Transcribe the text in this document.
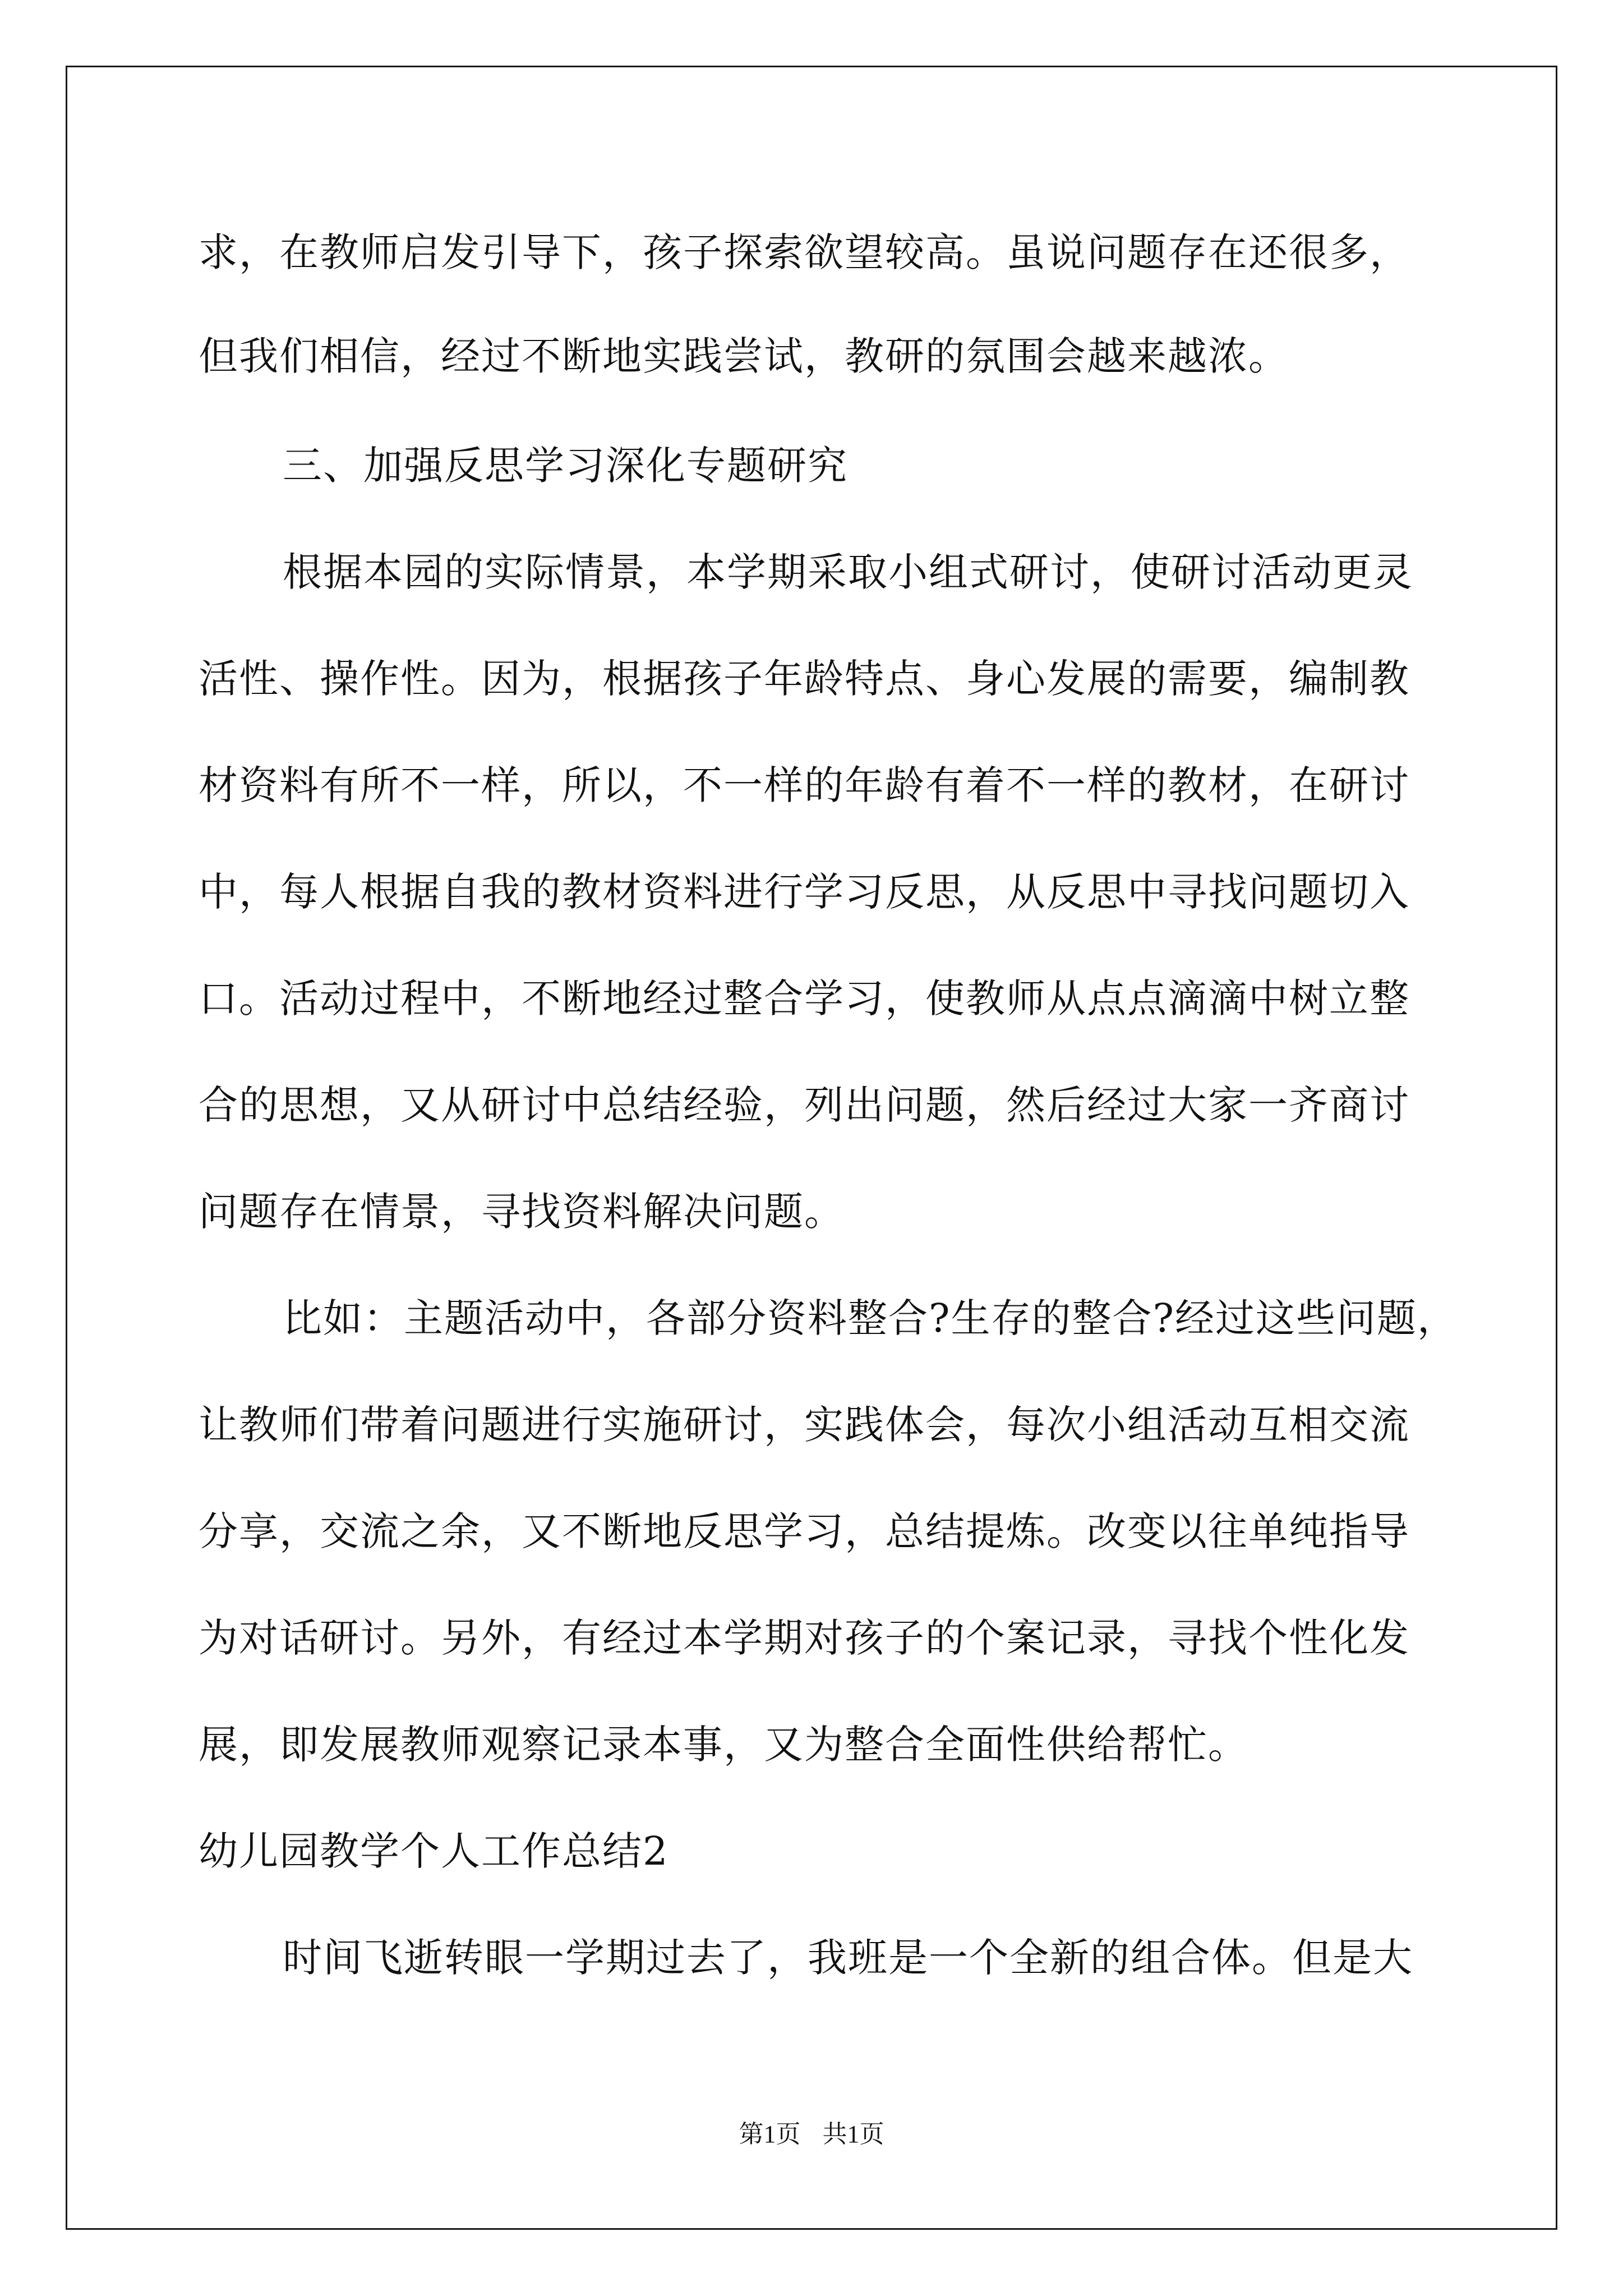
求，在教师启发引导下，孩子探索欲望较高。虽说问题存在还很多，
但我们相信，经过不断地实践尝试，教研的氛围会越来越浓。
三、加强反思学习深化专题研究
根据本园的实际情景，本学期采取小组式研讨，使研讨活动更灵
活性、操作性。因为，根据孩子年龄特点、身心发展的需要，编制教
材资料有所不一样，所以，不一样的年龄有着不一样的教材，在研讨
中，每人根据自我的教材资料进行学习反思，从反思中寻找问题切入
口。活动过程中，不断地经过整合学习，使教师从点点滴滴中树立整
合的思想，又从研讨中总结经验，列出问题，然后经过大家一齐商讨
问题存在情景，寻找资料解决问题。
比如：主题活动中，各部分资料整合?生存的整合?经过这些问题，
让教师们带着问题进行实施研讨，实践体会，每次小组活动互相交流
分享，交流之余，又不断地反思学习，总结提炼。改变以往单纯指导
为对话研讨。另外，有经过本学期对孩子的个案记录，寻找个性化发
展，即发展教师观察记录本事，又为整合全面性供给帮忙。
幼儿园教学个人工作总结2
时间飞逝转眼一学期过去了，我班是一个全新的组合体。但是大
第1页 共1页
